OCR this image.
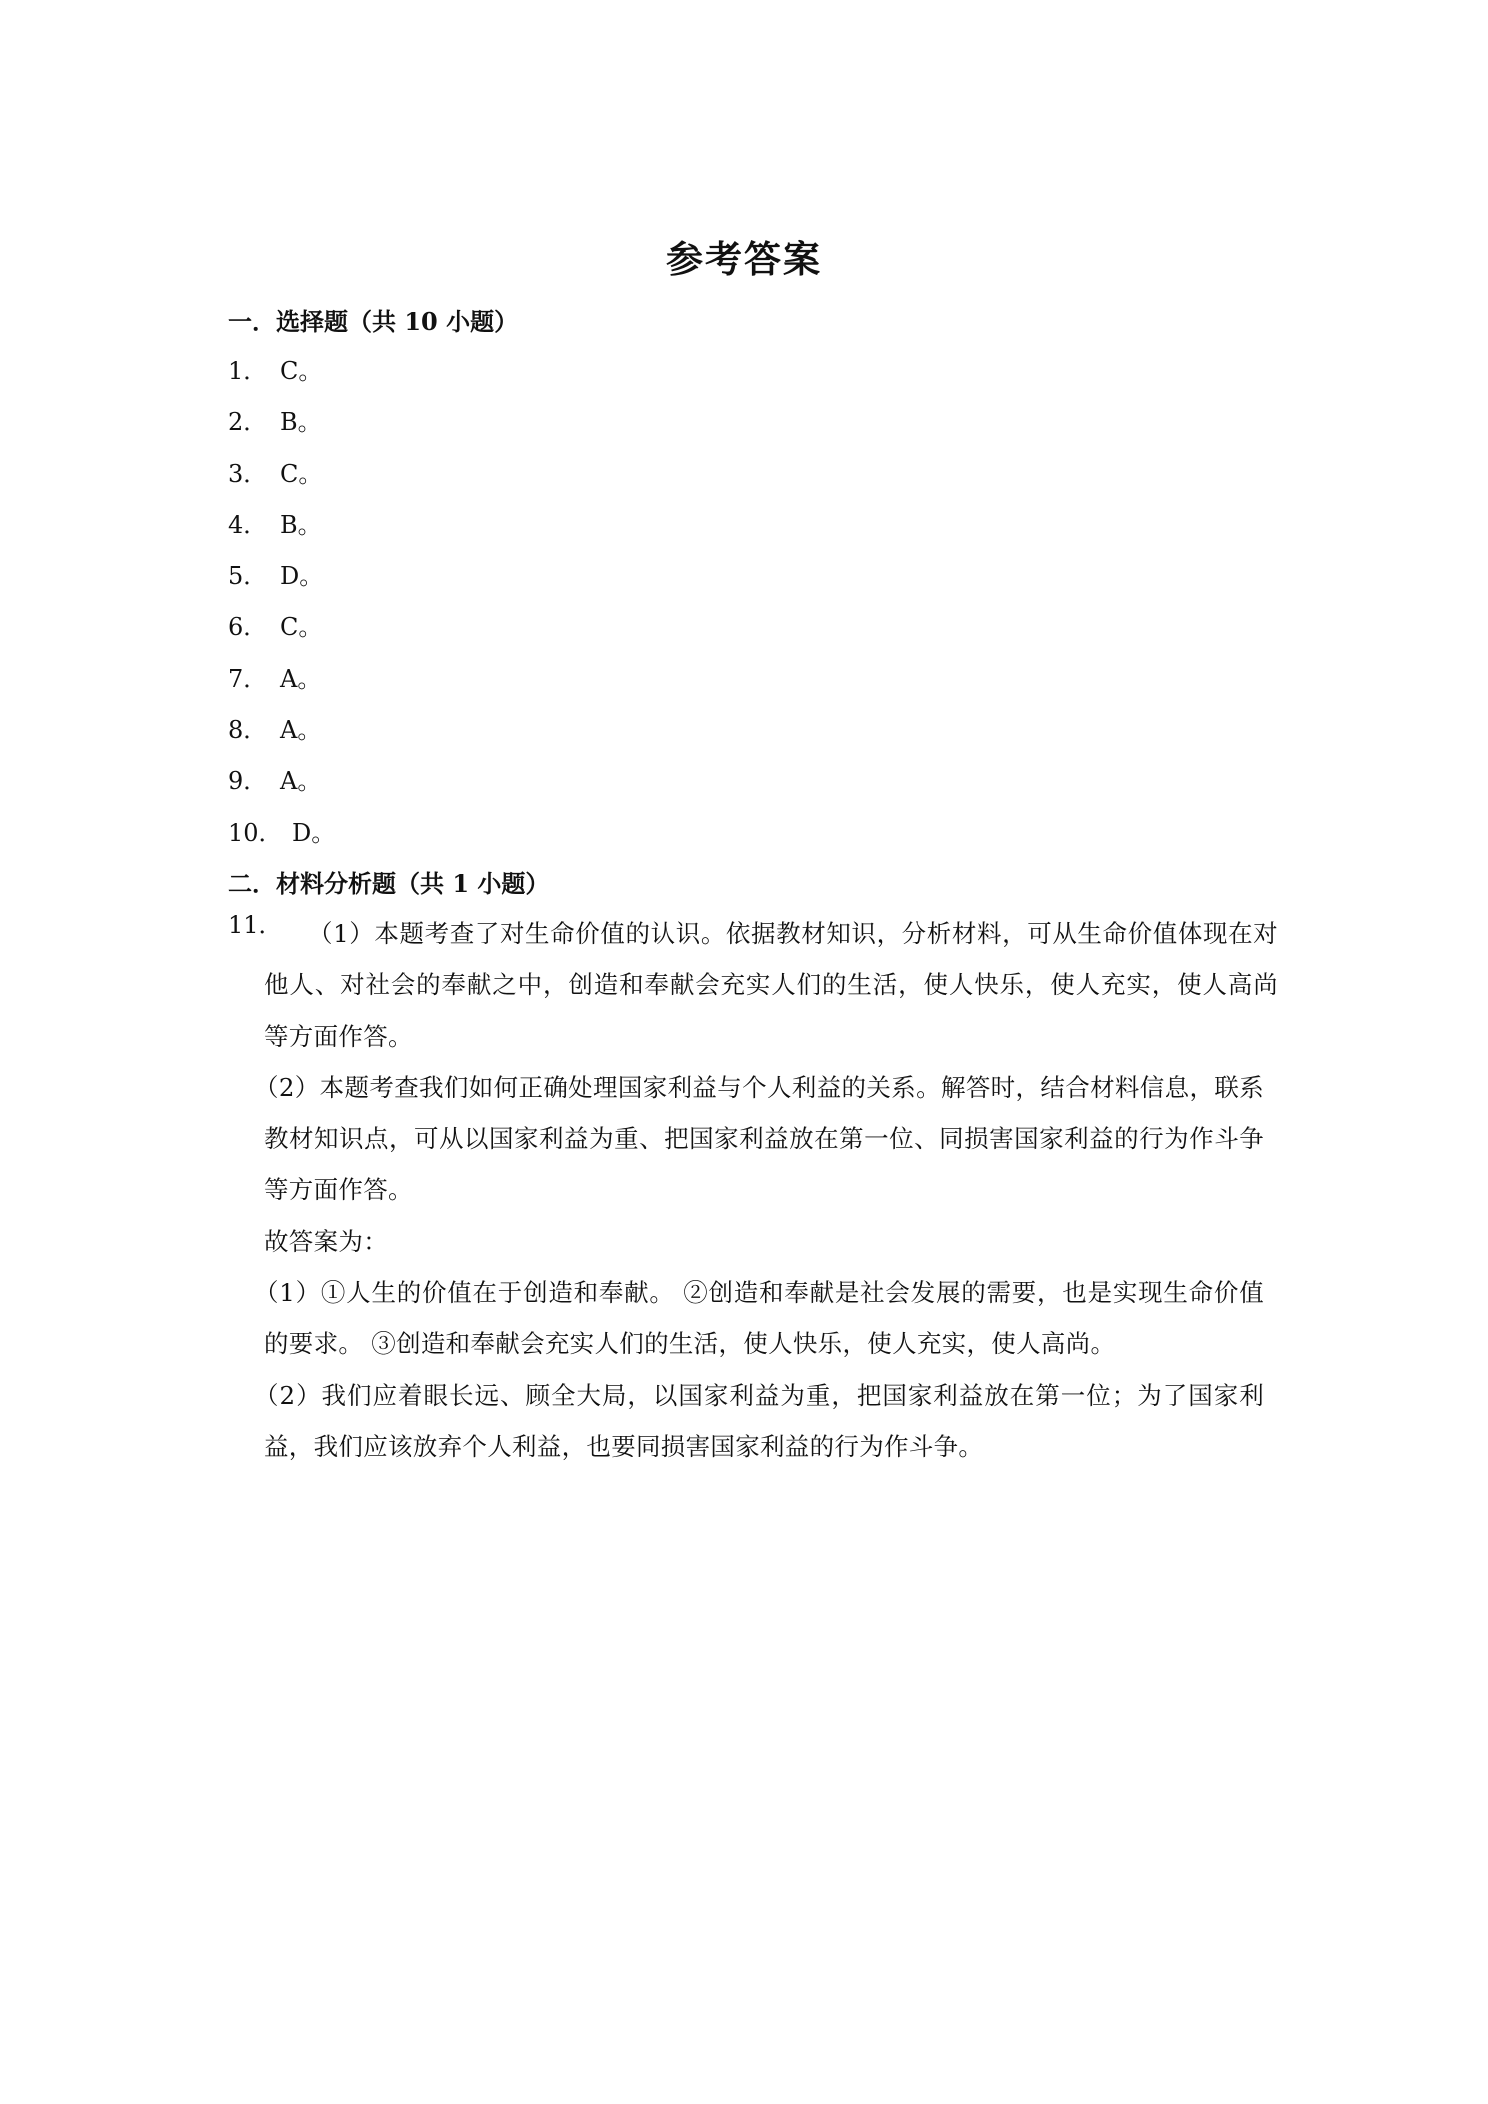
参考答案
一．选择题（共 10 小题）
1． C。
2． B。
3． C。
4． B。
5． D。
6． C。
7． A。
8． A。
9． A。
10． D。
二．材料分析题（共 1 小题）
11．	（1）本题考查了对生命价值的认识。依据教材知识，分析材料，可从生命价值体现在对他人、对社会的奉献之中，创造和奉献会充实人们的生活，使人快乐，使人充实，使人高尚等方面作答。

（2）本题考查我们如何正确处理国家利益与个人利益的关系。解答时，结合材料信息，联系教材知识点，可从以国家利益为重、把国家利益放在第一位、同损害国家利益的行为作斗争等方面作答。

故答案为：

（1）①人生的价值在于创造和奉献。 ②创造和奉献是社会发展的需要，也是实现生命价值的要求。 ③创造和奉献会充实人们的生活，使人快乐，使人充实，使人高尚。

（2）我们应着眼长远、顾全大局，以国家利益为重，把国家利益放在第一位；为了国家利益，我们应该放弃个人利益，也要同损害国家利益的行为作斗争。
